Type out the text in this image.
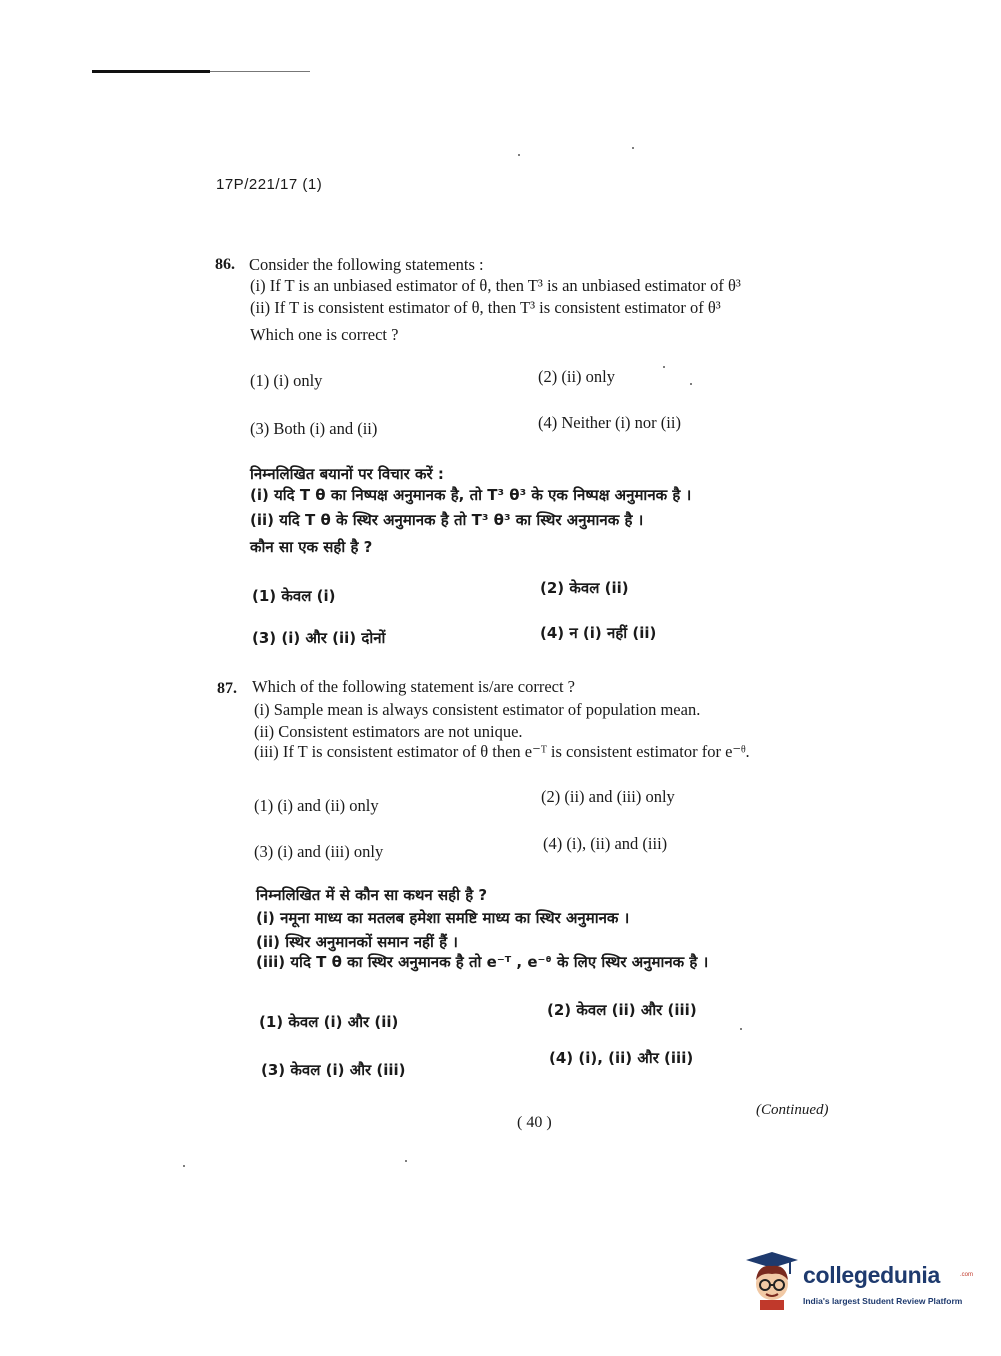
17P/221/17 (1)
86. Consider the following statements :
(i) If T is an unbiased estimator of θ, then T³ is an unbiased estimator of θ³
(ii) If T is consistent estimator of θ, then T³ is consistent estimator of θ³
Which one is correct ?
(1) (i) only	(2) (ii) only
(3) Both (i) and (ii)	(4) Neither (i) nor (ii)
निम्नलिखित बयानों पर विचार करें :
(i) यदि T θ का निष्पक्ष अनुमानक है, तो T³ θ³ के एक निष्पक्ष अनुमानक है ।
(ii) यदि T θ के स्थिर अनुमानक है तो T³ θ³ का स्थिर अनुमानक है ।
कौन सा एक सही है ?
(1) केवल (i)	(2) केवल (ii)
(3) (i) और (ii) दोनों	(4) न (i) नहीं (ii)
87. Which of the following statement is/are correct ?
(i) Sample mean is always consistent estimator of population mean.
(ii) Consistent estimators are not unique.
(iii) If T is consistent estimator of θ then e⁻ᵀ is consistent estimator for e⁻ᶿ.
(1) (i) and (ii) only	(2) (ii) and (iii) only
(3) (i) and (iii) only	(4) (i), (ii) and (iii)
निम्नलिखित में से कौन सा कथन सही है ?
(i) नमूना माध्य का मतलब हमेशा समष्टि माध्य का स्थिर अनुमानक ।
(ii) स्थिर अनुमानकों समान नहीं हैं ।
(iii) यदि T θ का स्थिर अनुमानक है तो e⁻ᵀ , e⁻ᶿ के लिए स्थिर अनुमानक है ।
(1) केवल (i) और (ii)
(2) केवल (ii) और (iii)
(3) केवल (i) और (iii)
(4) (i), (ii) और (iii)
( 40 )
(Continued)
collegedunia	.com
India's largest Student Review Platform
